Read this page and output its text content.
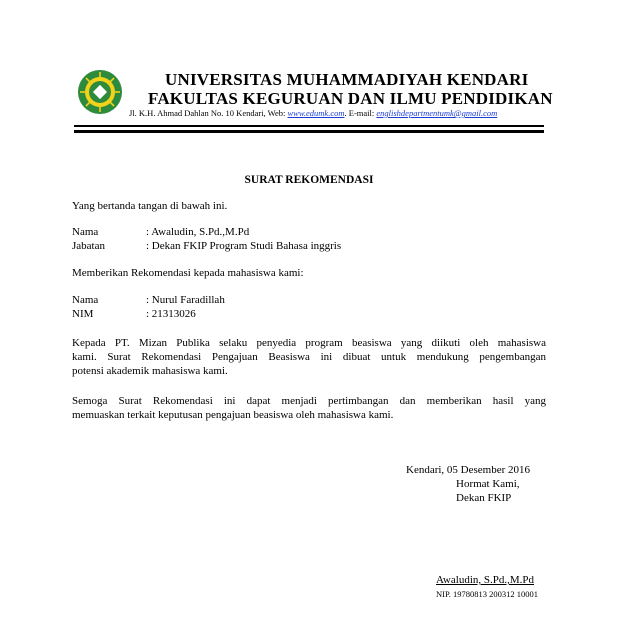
UNIVERSITAS MUHAMMADIYAH KENDARI
FAKULTAS KEGURUAN DAN ILMU PENDIDIKAN
Jl. K.H. Ahmad Dahlan No. 10 Kendari, Web: www.edumk.com. E-mail: englishdepartmentumk@gmail.com
SURAT REKOMENDASI
Yang bertanda tangan di bawah ini.
Nama	: Awaludin, S.Pd.,M.Pd
Jabatan	: Dekan FKIP Program Studi Bahasa inggris
Memberikan Rekomendasi kepada mahasiswa kami:
Nama	: Nurul Faradillah
NIM	: 21313026
Kepada PT. Mizan Publika selaku penyedia program beasiswa yang diikuti oleh mahasiswa
kami. Surat Rekomendasi Pengajuan Beasiswa ini dibuat untuk mendukung pengembangan
potensi akademik mahasiswa kami.
Semoga Surat Rekomendasi ini dapat menjadi pertimbangan dan memberikan hasil yang
memuaskan terkait keputusan pengajuan beasiswa oleh mahasiswa kami.
Kendari, 05 Desember 2016
Hormat Kami,
Dekan FKIP
Awaludin, S.Pd.,M.Pd
NIP. 19780813 200312 10001
